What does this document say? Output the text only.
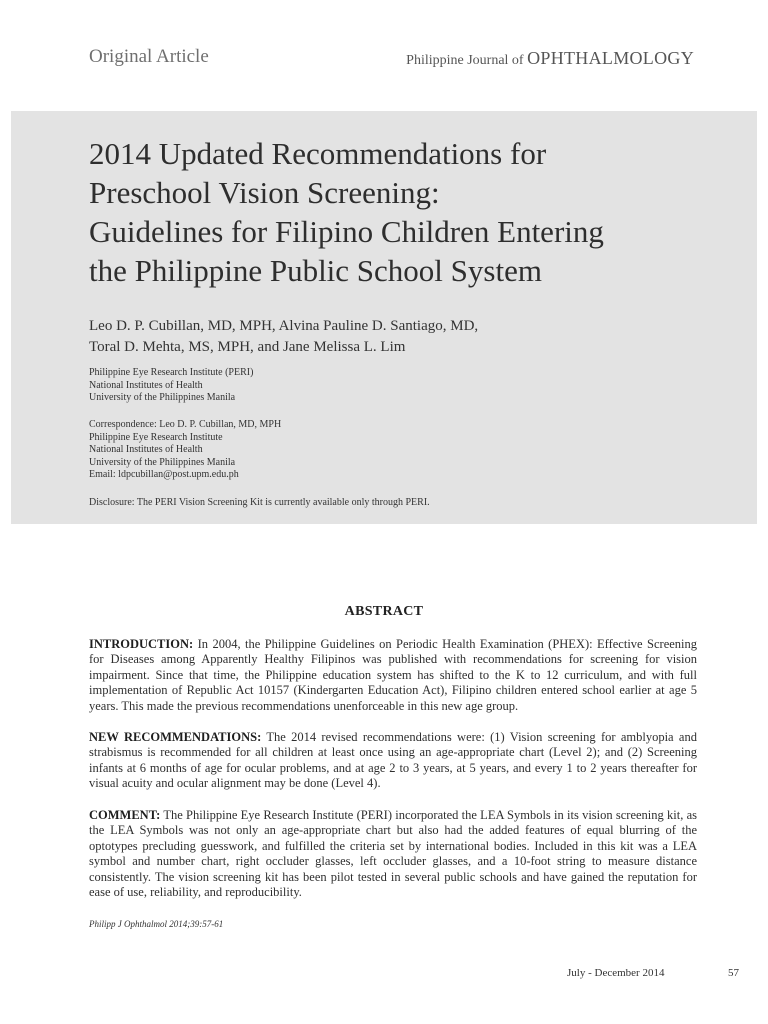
Original Article	Philippine Journal of OPHTHALMOLOGY
2014 Updated Recommendations for
Preschool Vision Screening:
Guidelines for Filipino Children Entering
the Philippine Public School System
Leo D. P. Cubillan, MD, MPH, Alvina Pauline D. Santiago, MD,
Toral D. Mehta, MS, MPH, and Jane Melissa L. Lim
Philippine Eye Research Institute (PERI)
National Institutes of Health
University of the Philippines Manila
Correspondence: Leo D. P. Cubillan, MD, MPH
Philippine Eye Research Institute
National Institutes of Health
University of the Philippines Manila
Email: ldpcubillan@post.upm.edu.ph
Disclosure: The PERI Vision Screening Kit is currently available only through PERI.
ABSTRACT

INTRODUCTION: In 2004, the Philippine Guidelines on Periodic Health Examination (PHEX): Effective Screening for Diseases among Apparently Healthy Filipinos was published with recommendations for screening for vision impairment. Since that time, the Philippine education system has shifted to the K to 12 curriculum, and with full implementation of Republic Act 10157 (Kindergarten Education Act), Filipino children entered school earlier at age 5 years. This made the previous recommendations unenforceable in this new age group.

NEW RECOMMENDATIONS: The 2014 revised recommendations were: (1) Vision screening for amblyopia and strabismus is recommended for all children at least once using an age-appropriate chart (Level 2); and (2) Screening infants at 6 months of age for ocular problems, and at age 2 to 3 years, at 5 years, and every 1 to 2 years thereafter for visual acuity and ocular alignment may be done (Level 4).

COMMENT: The Philippine Eye Research Institute (PERI) incorporated the LEA Symbols in its vision screening kit, as the LEA Symbols was not only an age-appropriate chart but also had the added features of equal blurring of the optotypes precluding guesswork, and fulfilled the criteria set by international bodies. Included in this kit was a LEA symbol and number chart, right occluder glasses, left occluder glasses, and a 10-foot string to measure distance consistently. The vision screening kit has been pilot tested in several public schools and have gained the reputation for ease of use, reliability, and reproducibility.

Philipp J Ophthalmol 2014;39:57-61
July - December 2014	57
